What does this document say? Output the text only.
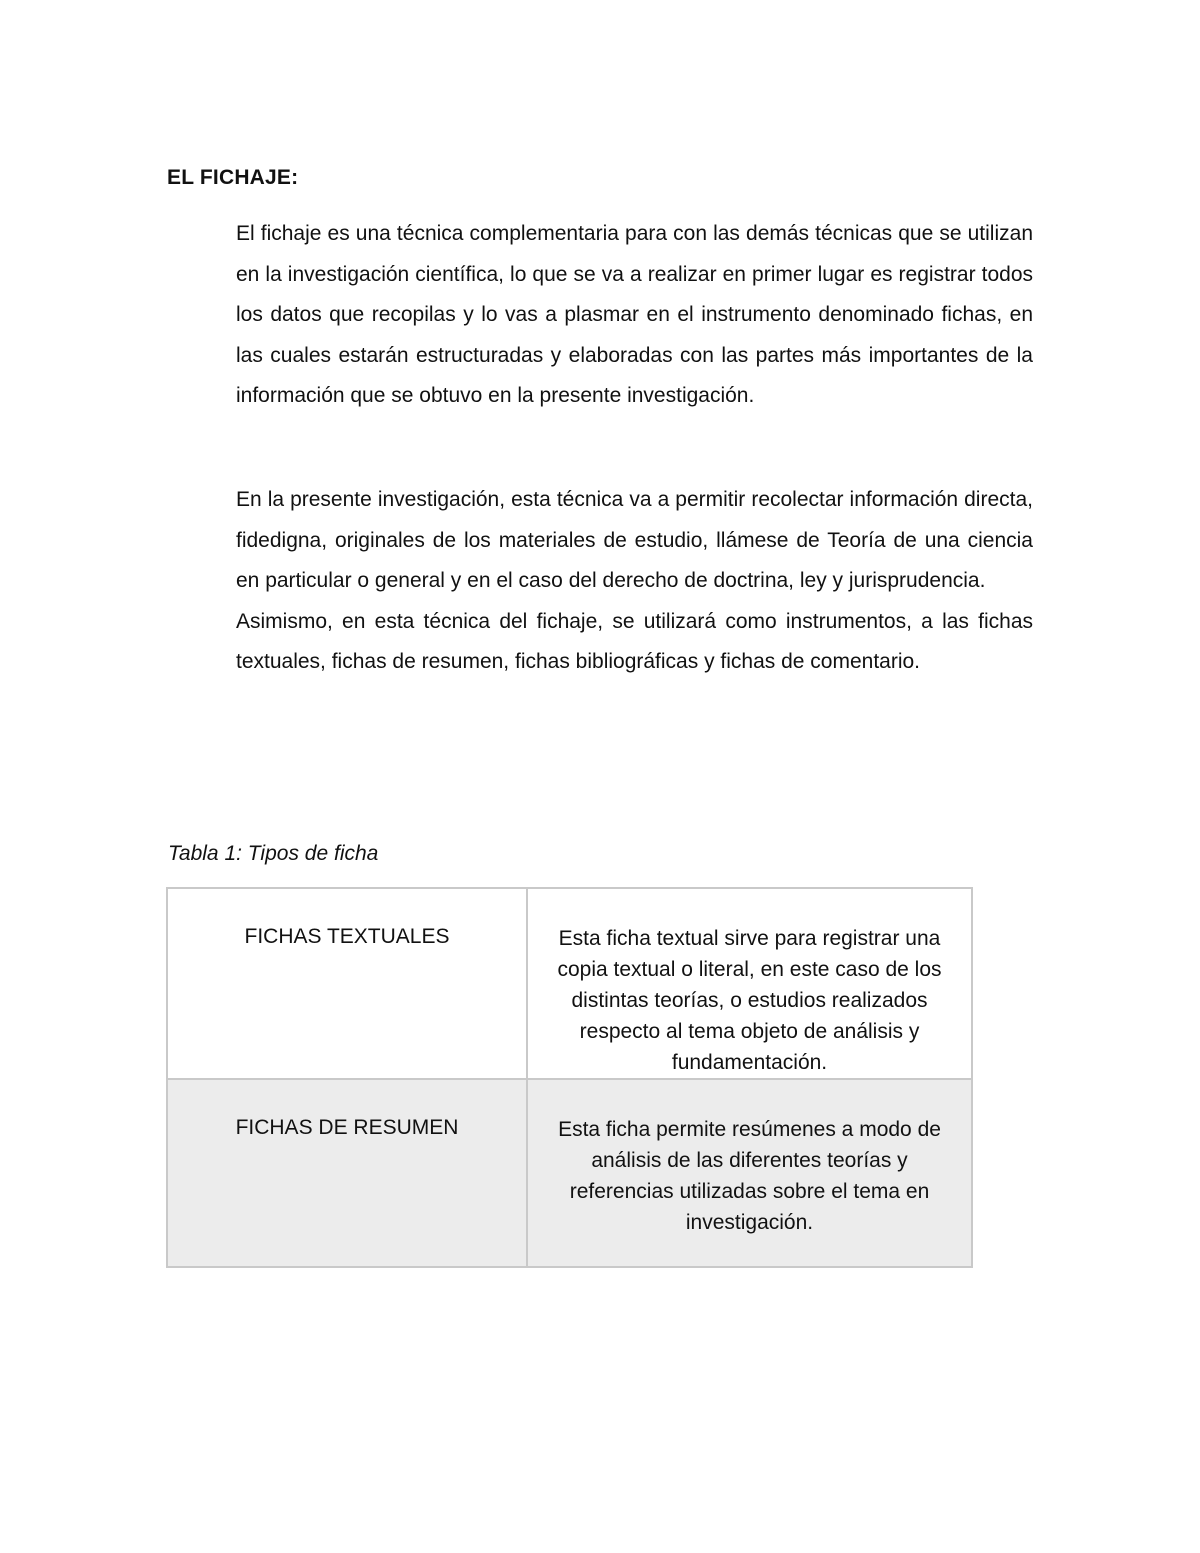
EL FICHAJE:

El fichaje es una técnica complementaria para con las demás técnicas que se utilizan en la investigación científica, lo que se va a realizar en primer lugar es registrar todos los datos que recopilas y lo vas a plasmar en el instrumento denominado fichas, en las cuales estarán estructuradas y elaboradas con las partes más importantes de la información que se obtuvo en la presente investigación.

En la presente investigación, esta técnica va a permitir recolectar información directa, fidedigna, originales de los materiales de estudio, llámese de Teoría de una ciencia en particular o general y en el caso del derecho de doctrina, ley y jurisprudencia.

Asimismo, en esta técnica del fichaje, se utilizará como instrumentos, a las fichas textuales, fichas de resumen, fichas bibliográficas y fichas de comentario.

Tabla 1: Tipos de ficha
FICHAS TEXTUALES	Esta ficha textual sirve para registrar una copia textual o literal, en este caso de los distintas teorías, o estudios realizados respecto al tema objeto de análisis y fundamentación.

FICHAS DE RESUMEN	Esta ficha permite resúmenes a modo de análisis de las diferentes teorías y referencias utilizadas sobre el tema en investigación.
